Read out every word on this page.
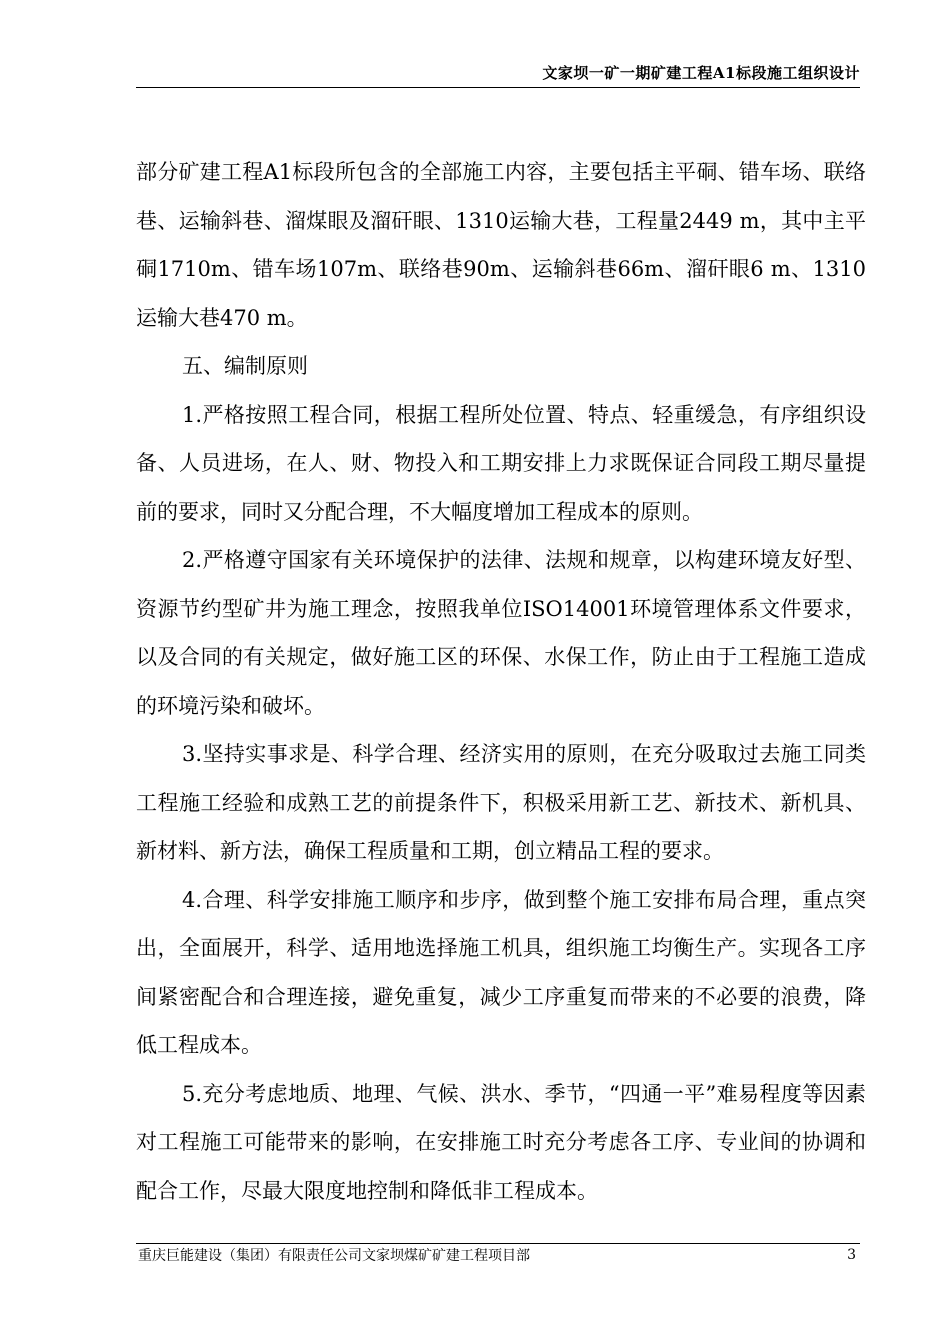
文家坝一矿一期矿建工程A1标段施工组织设计

部分矿建工程A1标段所包含的全部施工内容，主要包括主平硐、错车场、联络巷、运输斜巷、溜煤眼及溜矸眼、1310运输大巷，工程量2449 m，其中主平硐1710m、错车场107m、联络巷90m、运输斜巷66m、溜矸眼6 m、1310运输大巷470 m。

五、编制原则

1.严格按照工程合同，根据工程所处位置、特点、轻重缓急，有序组织设备、人员进场，在人、财、物投入和工期安排上力求既保证合同段工期尽量提前的要求，同时又分配合理，不大幅度增加工程成本的原则。

2.严格遵守国家有关环境保护的法律、法规和规章，以构建环境友好型、资源节约型矿井为施工理念，按照我单位ISO14001环境管理体系文件要求，以及合同的有关规定，做好施工区的环保、水保工作，防止由于工程施工造成的环境污染和破坏。

3.坚持实事求是、科学合理、经济实用的原则，在充分吸取过去施工同类工程施工经验和成熟工艺的前提条件下，积极采用新工艺、新技术、新机具、新材料、新方法，确保工程质量和工期，创立精品工程的要求。

4.合理、科学安排施工顺序和步序，做到整个施工安排布局合理，重点突出，全面展开，科学、适用地选择施工机具，组织施工均衡生产。实现各工序间紧密配合和合理连接，避免重复，减少工序重复而带来的不必要的浪费，降低工程成本。

5.充分考虑地质、地理、气候、洪水、季节，“四通一平”难易程度等因素对工程施工可能带来的影响，在安排施工时充分考虑各工序、专业间的协调和配合工作，尽最大限度地控制和降低非工程成本。

重庆巨能建设（集团）有限责任公司文家坝煤矿矿建工程项目部	3
